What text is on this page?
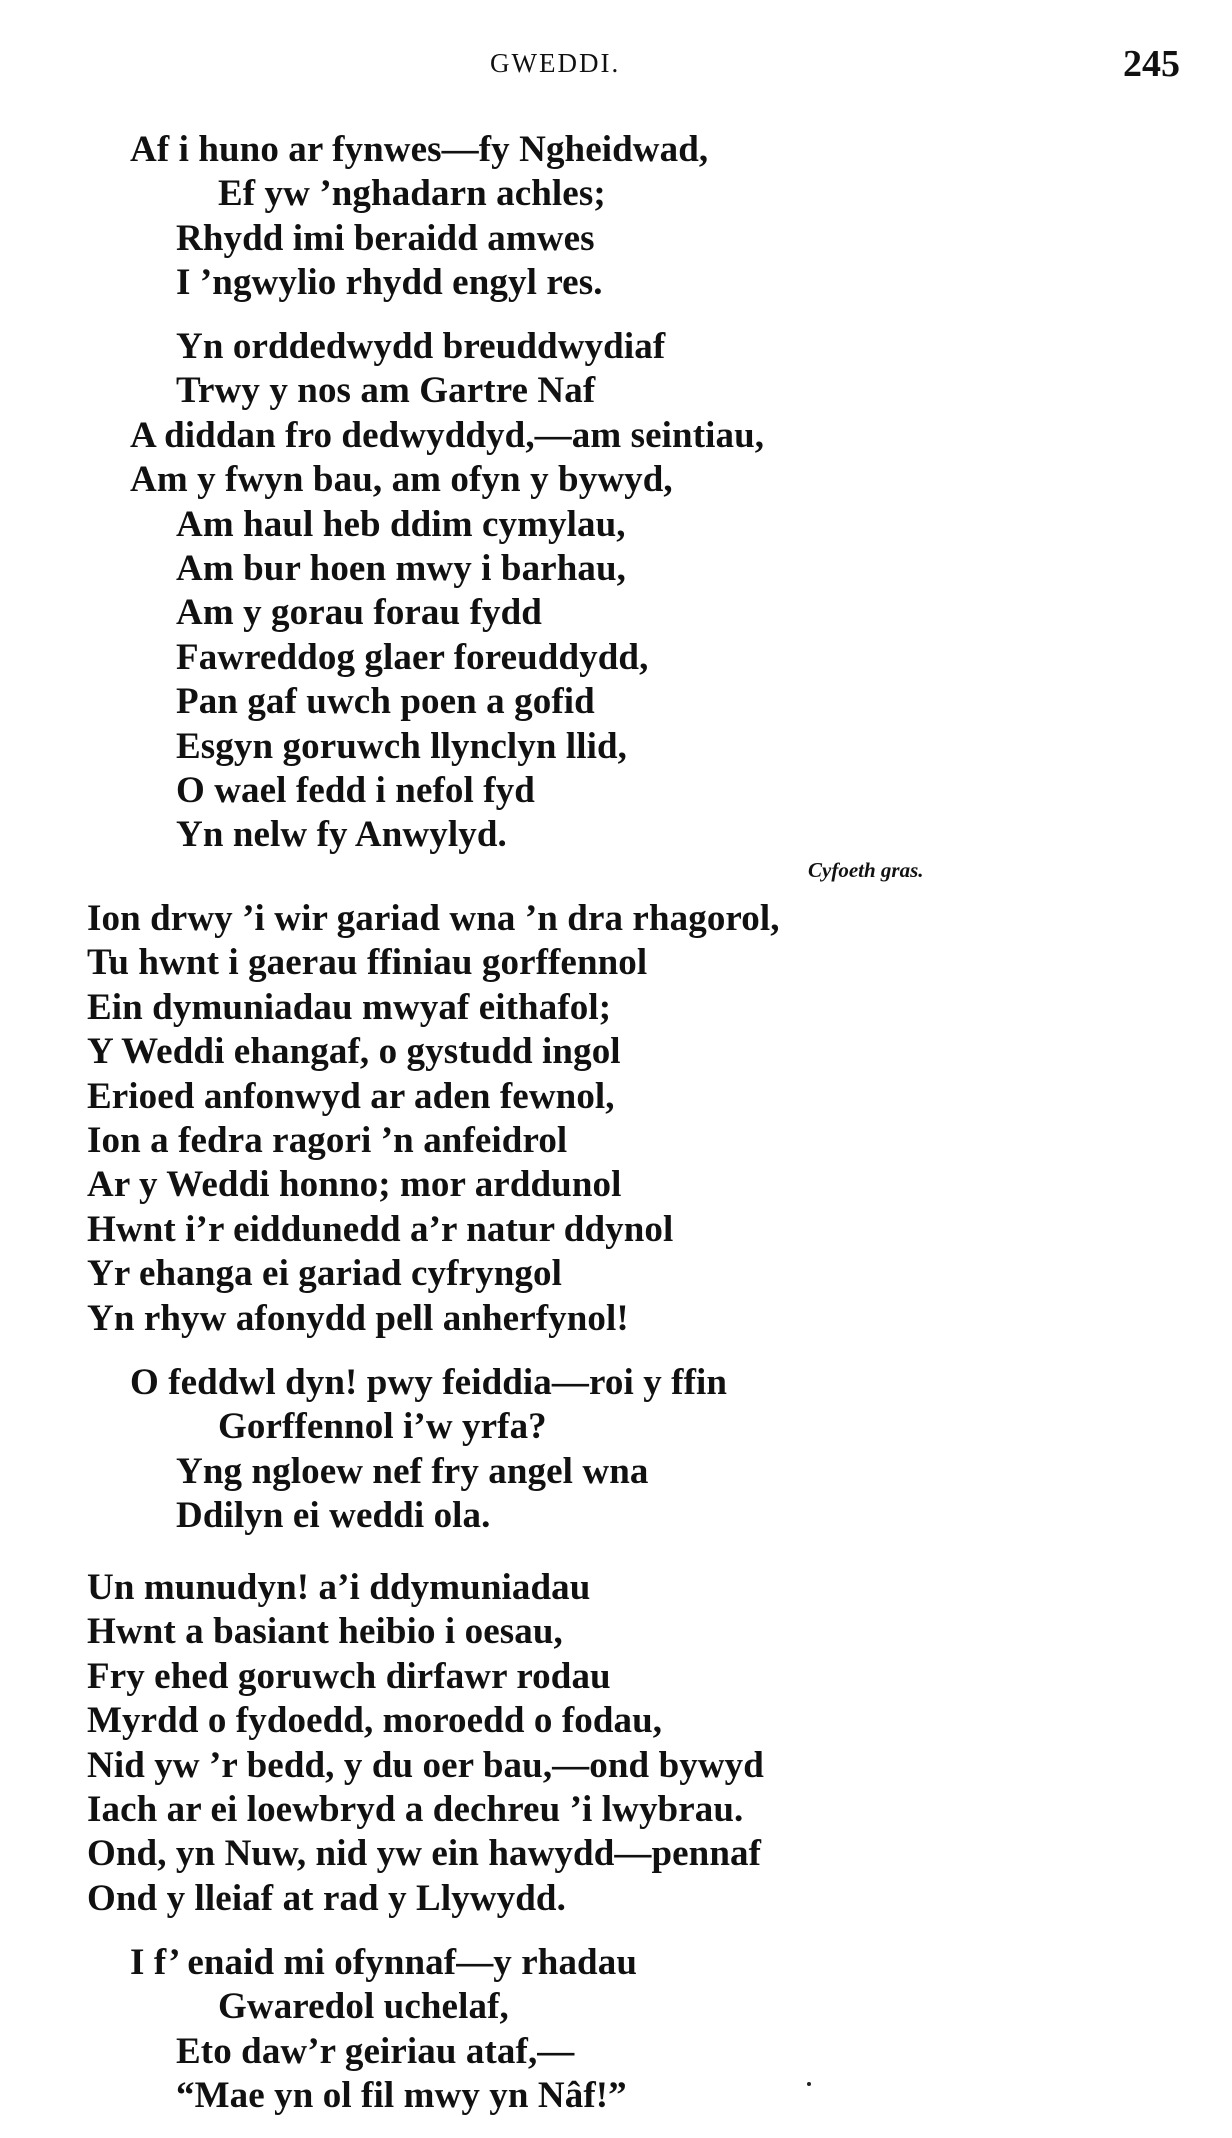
GWEDDI.	245
Af i huno ar fynwes—fy Ngheidwad,
Ef yw ’nghadarn achles;
Rhydd imi beraidd amwes
I ’ngwylio rhydd engyl res.
Yn orddedwydd breuddwydiaf
Trwy y nos am Gartre Naf
A diddan fro dedwyddyd,—am seintiau,
Am y fwyn bau, am ofyn y bywyd,
Am haul heb ddim cymylau,
Am bur hoen mwy i barhau,
Am y gorau forau fydd
Fawreddog glaer foreuddydd,
Pan gaf uwch poen a gofid
Esgyn goruwch llynclyn llid,
O wael fedd i nefol fyd
Yn nelw fy Anwylyd.
Cyfoeth gras.
Ion drwy ’i wir gariad wna ’n dra rhagorol,
Tu hwnt i gaerau ffiniau gorffennol
Ein dymuniadau mwyaf eithafol;
Y Weddi ehangaf, o gystudd ingol
Erioed anfonwyd ar aden fewnol,
Ion a fedra ragori ’n anfeidrol
Ar y Weddi honno; mor arddunol
Hwnt i’r eiddunedd a’r natur ddynol
Yr ehanga ei gariad cyfryngol
Yn rhyw afonydd pell anherfynol!
O feddwl dyn! pwy feiddia—roi y ffin
Gorffennol i’w yrfa?
Yng ngloew nef fry angel wna
Ddilyn ei weddi ola.
Un munudyn! a’i ddymuniadau
Hwnt a basiant heibio i oesau,
Fry ehed goruwch dirfawr rodau
Myrdd o fydoedd, moroedd o fodau,
Nid yw ’r bedd, y du oer bau,—ond bywyd
Iach ar ei loewbryd a dechreu ’i lwybrau.
Ond, yn Nuw, nid yw ein hawydd—pennaf
Ond y lleiaf at rad y Llywydd.
I f’ enaid mi ofynnaf—y rhadau
Gwaredol uchelaf,
Eto daw’r geiriau ataf,—
“Mae yn ol fil mwy yn Nâf!”
